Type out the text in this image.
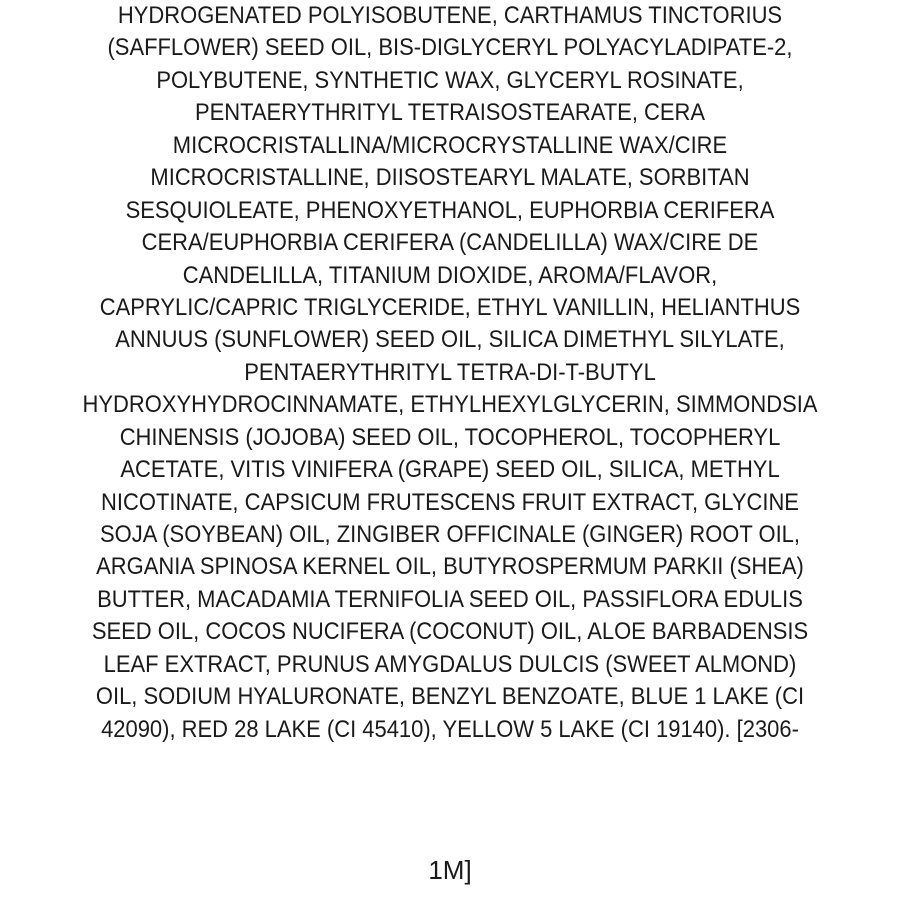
HYDROGENATED POLYISOBUTENE, CARTHAMUS TINCTORIUS
(SAFFLOWER) SEED OIL, BIS-DIGLYCERYL POLYACYLADIPATE-2,
POLYBUTENE, SYNTHETIC WAX, GLYCERYL ROSINATE,
PENTAERYTHRITYL TETRAISOSTEARATE, CERA
MICROCRISTALLINA/MICROCRYSTALLINE WAX/CIRE
MICROCRISTALLINE, DIISOSTEARYL MALATE, SORBITAN
SESQUIOLEATE, PHENOXYETHANOL, EUPHORBIA CERIFERA
CERA/EUPHORBIA CERIFERA (CANDELILLA) WAX/CIRE DE
CANDELILLA, TITANIUM DIOXIDE, AROMA/FLAVOR,
CAPRYLIC/CAPRIC TRIGLYCERIDE, ETHYL VANILLIN, HELIANTHUS
ANNUUS (SUNFLOWER) SEED OIL, SILICA DIMETHYL SILYLATE,
PENTAERYTHRITYL TETRA-DI-T-BUTYL
HYDROXYHYDROCINNAMATE, ETHYLHEXYLGLYCERIN, SIMMONDSIA
CHINENSIS (JOJOBA) SEED OIL, TOCOPHEROL, TOCOPHERYL
ACETATE, VITIS VINIFERA (GRAPE) SEED OIL, SILICA, METHYL
NICOTINATE, CAPSICUM FRUTESCENS FRUIT EXTRACT, GLYCINE
SOJA (SOYBEAN) OIL, ZINGIBER OFFICINALE (GINGER) ROOT OIL,
ARGANIA SPINOSA KERNEL OIL, BUTYROSPERMUM PARKII (SHEA)
BUTTER, MACADAMIA TERNIFOLIA SEED OIL, PASSIFLORA EDULIS
SEED OIL, COCOS NUCIFERA (COCONUT) OIL, ALOE BARBADENSIS
LEAF EXTRACT, PRUNUS AMYGDALUS DULCIS (SWEET ALMOND)
OIL, SODIUM HYALURONATE, BENZYL BENZOATE, BLUE 1 LAKE (CI
42090), RED 28 LAKE (CI 45410), YELLOW 5 LAKE (CI 19140). [2306-
1M]
